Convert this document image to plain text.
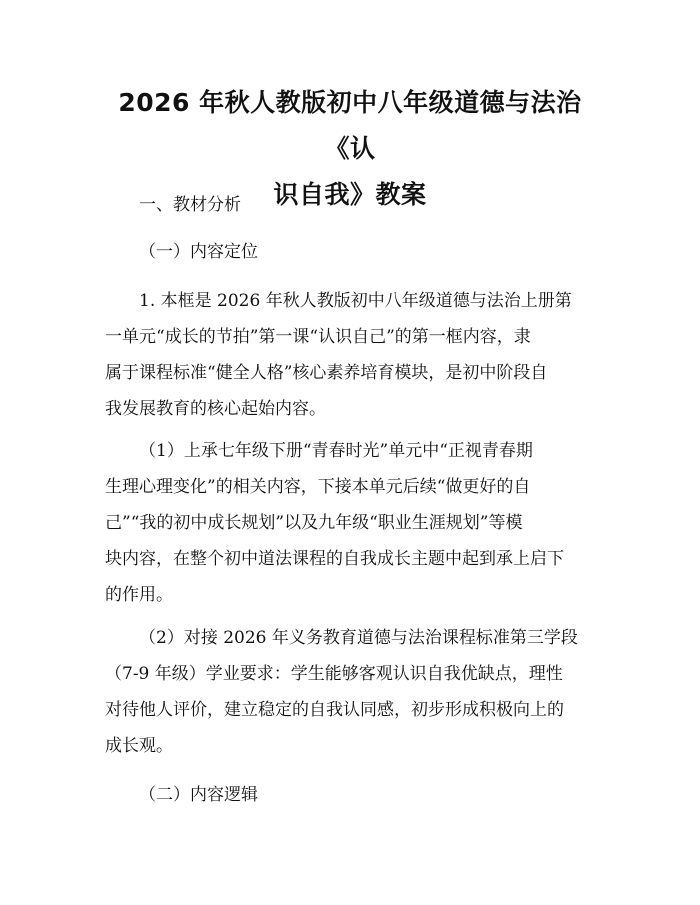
2026 年秋人教版初中八年级道德与法治《认
识自我》教案
一、教材分析
（一）内容定位
1. 本框是 2026 年秋人教版初中八年级道德与法治上册第
一单元“成长的节拍”第一课“认识自己”的第一框内容，隶
属于课程标准“健全人格”核心素养培育模块，是初中阶段自
我发展教育的核心起始内容。
（1）上承七年级下册“青春时光”单元中“正视青春期
生理心理变化”的相关内容，下接本单元后续“做更好的自
己”“我的初中成长规划”以及九年级“职业生涯规划”等模
块内容，在整个初中道法课程的自我成长主题中起到承上启下
的作用。
（2）对接 2026 年义务教育道德与法治课程标准第三学段
（7-9 年级）学业要求：学生能够客观认识自我优缺点，理性
对待他人评价，建立稳定的自我认同感，初步形成积极向上的
成长观。
（二）内容逻辑
